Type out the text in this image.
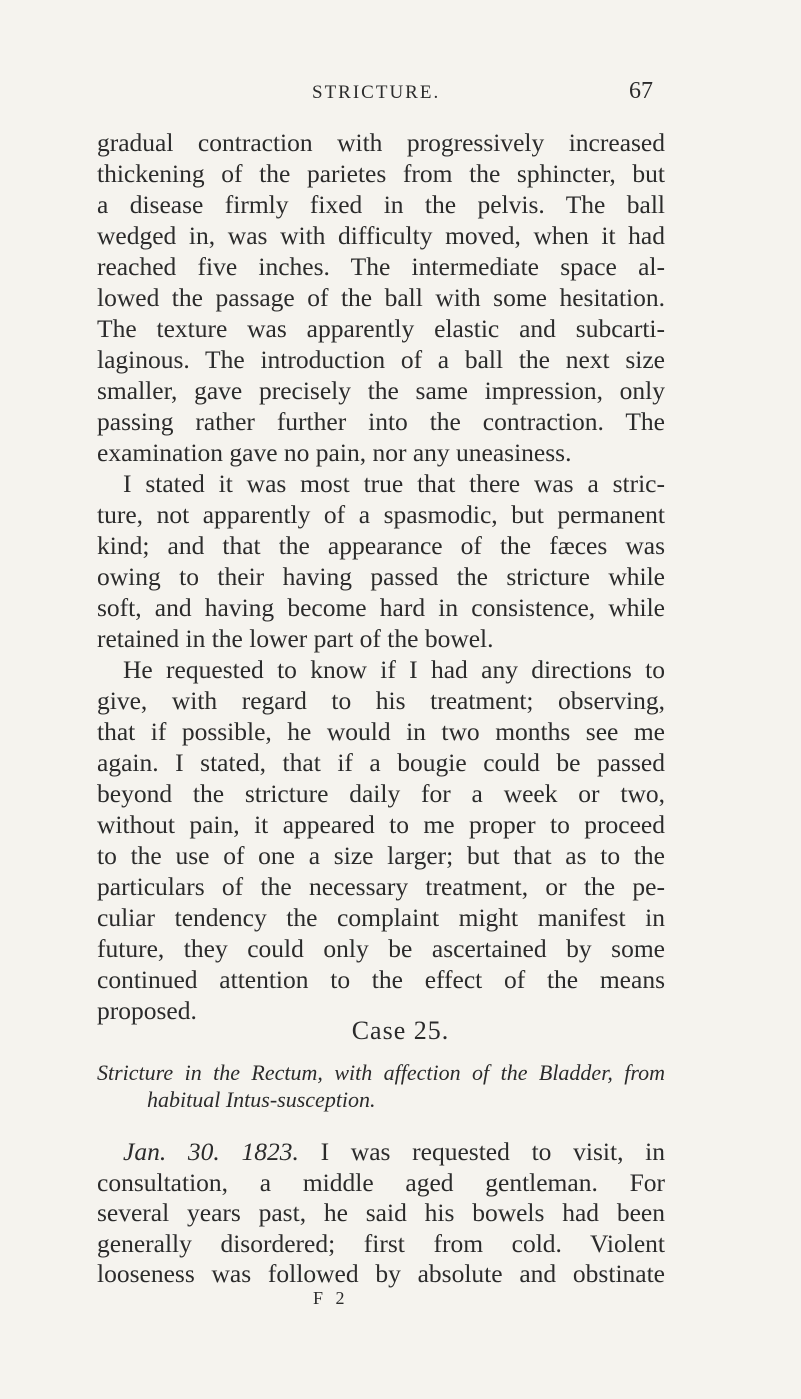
STRICTURE.	67
gradual contraction with progressively increased
thickening of the parietes from the sphincter, but
a disease firmly fixed in the pelvis. The ball
wedged in, was with difficulty moved, when it had
reached five inches. The intermediate space al-
lowed the passage of the ball with some hesitation.
The texture was apparently elastic and subcarti-
laginous. The introduction of a ball the next size
smaller, gave precisely the same impression, only
passing rather further into the contraction. The
examination gave no pain, nor any uneasiness.
I stated it was most true that there was a stric-
ture, not apparently of a spasmodic, but permanent
kind; and that the appearance of the fæces was
owing to their having passed the stricture while
soft, and having become hard in consistence, while
retained in the lower part of the bowel.
He requested to know if I had any directions to
give, with regard to his treatment; observing,
that if possible, he would in two months see me
again. I stated, that if a bougie could be passed
beyond the stricture daily for a week or two,
without pain, it appeared to me proper to proceed
to the use of one a size larger; but that as to the
particulars of the necessary treatment, or the pe-
culiar tendency the complaint might manifest in
future, they could only be ascertained by some
continued attention to the effect of the means
proposed.
Case 25.
Stricture in the Rectum, with affection of the Bladder, from
habitual Intus-susception.
Jan. 30. 1823. I was requested to visit, in
consultation, a middle aged gentleman. For
several years past, he said his bowels had been
generally disordered; first from cold. Violent
looseness was followed by absolute and obstinate
F 2
